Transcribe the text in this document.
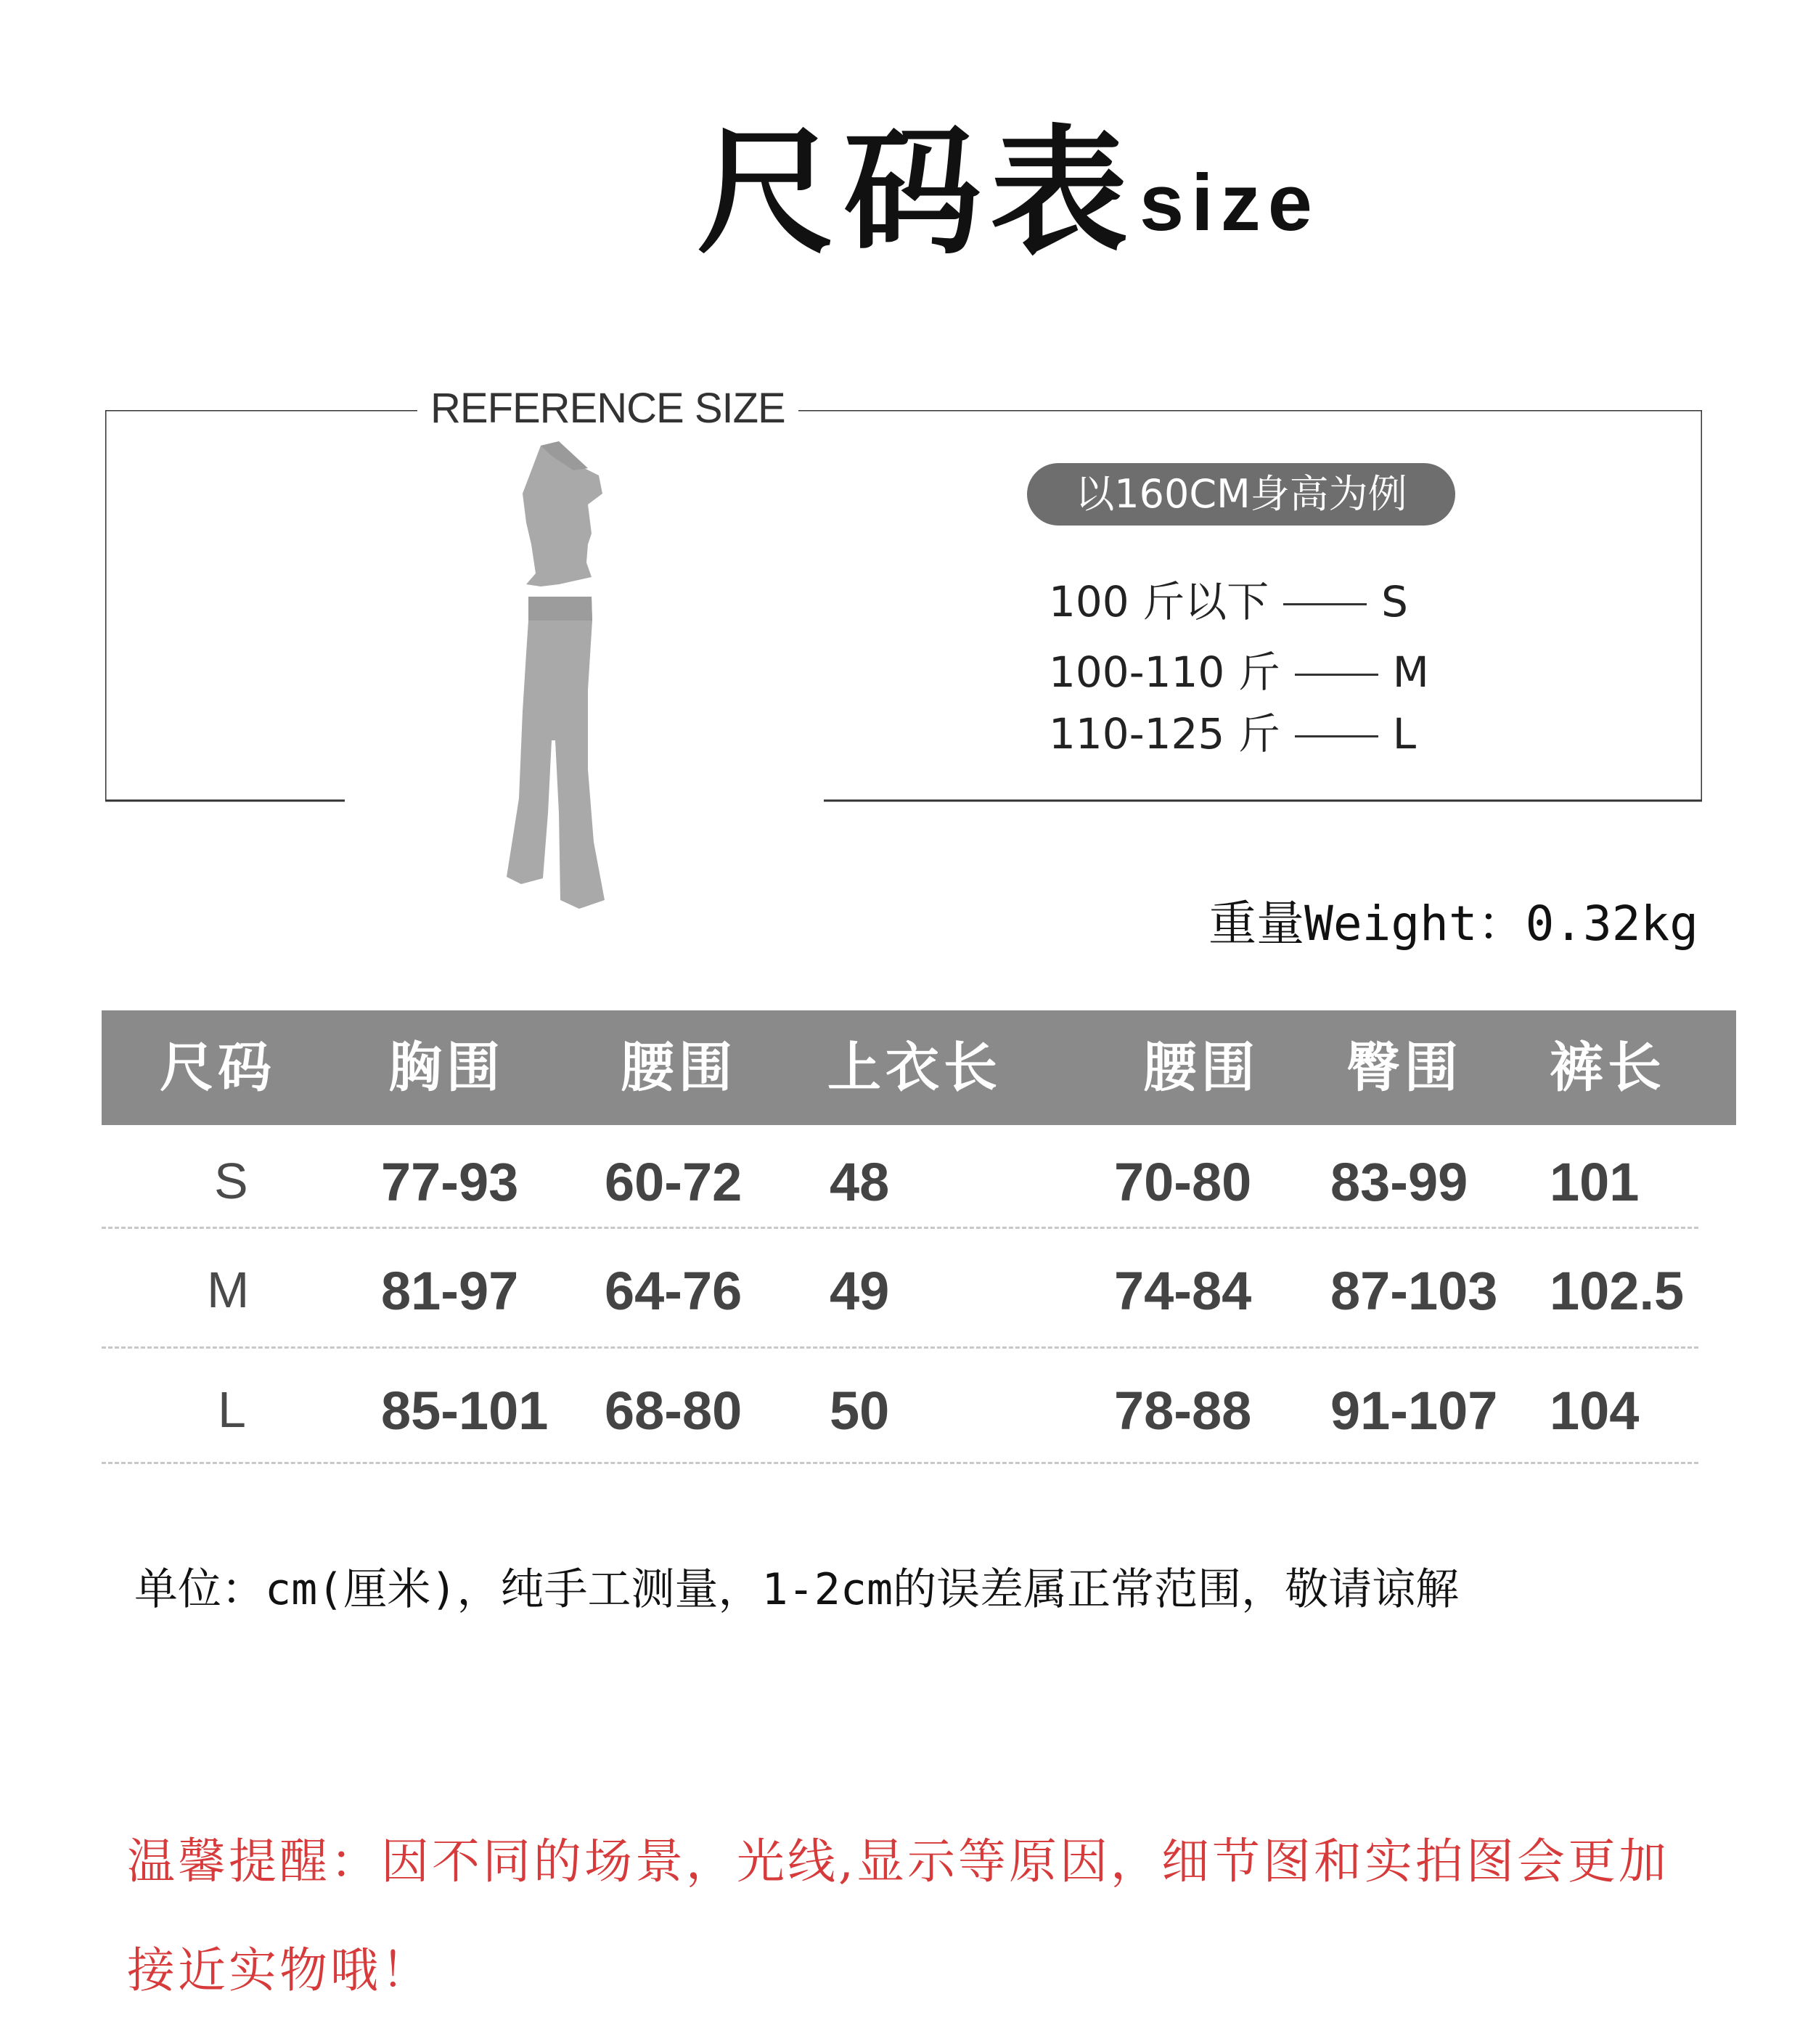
尺码表 size
REFERENCE SIZE
以160CM身高为例
100 斤以下	S
100-110 斤	M
110-125 斤	L
重量Weight：0.32kg
尺码 胸围 腰围 上衣长	腰围 臀围 裤长
S 77-93 60-72 48	70-80 83-99 101
M 81-97 64-76 49	74-84 87-103 102.5
L	85-101 68-80 50	78-88 91-107 104
单位：cm(厘米)，纯手工测量，1-2cm的误差属正常范围，敬请谅解
温馨提醒：因不同的场景，光线,显示等原因，细节图和实拍图会更加接近实物哦！
